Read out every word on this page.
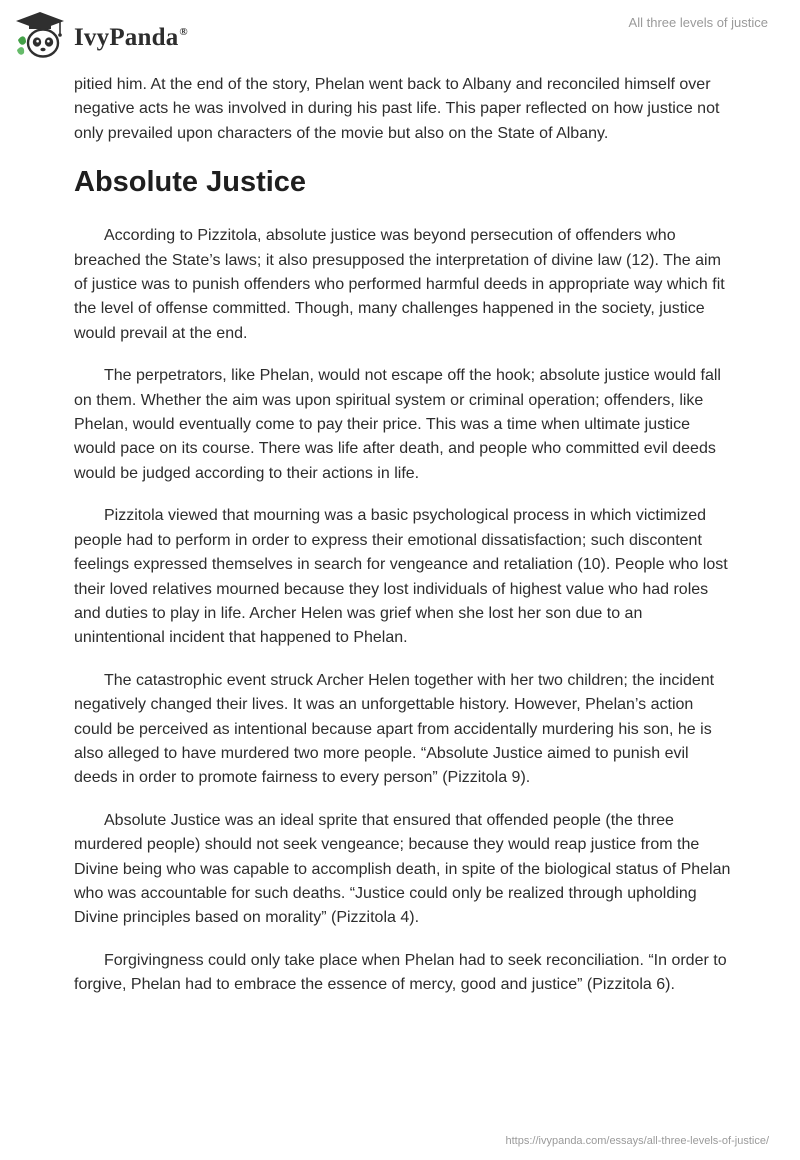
IvyPanda®
All three levels of justice

pitied him. At the end of the story, Phelan went back to Albany and reconciled himself over negative acts he was involved in during his past life. This paper reflected on how justice not only prevailed upon characters of the movie but also on the State of Albany.

Absolute Justice

According to Pizzitola, absolute justice was beyond persecution of offenders who breached the State’s laws; it also presupposed the interpretation of divine law (12). The aim of justice was to punish offenders who performed harmful deeds in appropriate way which fit the level of offense committed. Though, many challenges happened in the society, justice would prevail at the end.

The perpetrators, like Phelan, would not escape off the hook; absolute justice would fall on them. Whether the aim was upon spiritual system or criminal operation; offenders, like Phelan, would eventually come to pay their price. This was a time when ultimate justice would pace on its course. There was life after death, and people who committed evil deeds would be judged according to their actions in life.

Pizzitola viewed that mourning was a basic psychological process in which victimized people had to perform in order to express their emotional dissatisfaction; such discontent feelings expressed themselves in search for vengeance and retaliation (10). People who lost their loved relatives mourned because they lost individuals of highest value who had roles and duties to play in life. Archer Helen was grief when she lost her son due to an unintentional incident that happened to Phelan.

The catastrophic event struck Archer Helen together with her two children; the incident negatively changed their lives. It was an unforgettable history. However, Phelan’s action could be perceived as intentional because apart from accidentally murdering his son, he is also alleged to have murdered two more people. “Absolute Justice aimed to punish evil deeds in order to promote fairness to every person” (Pizzitola 9).

Absolute Justice was an ideal sprite that ensured that offended people (the three murdered people) should not seek vengeance; because they would reap justice from the Divine being who was capable to accomplish death, in spite of the biological status of Phelan who was accountable for such deaths. “Justice could only be realized through upholding Divine principles based on morality” (Pizzitola 4).

Forgivingness could only take place when Phelan had to seek reconciliation. “In order to forgive, Phelan had to embrace the essence of mercy, good and justice” (Pizzitola 6).

https://ivypanda.com/essays/all-three-levels-of-justice/
